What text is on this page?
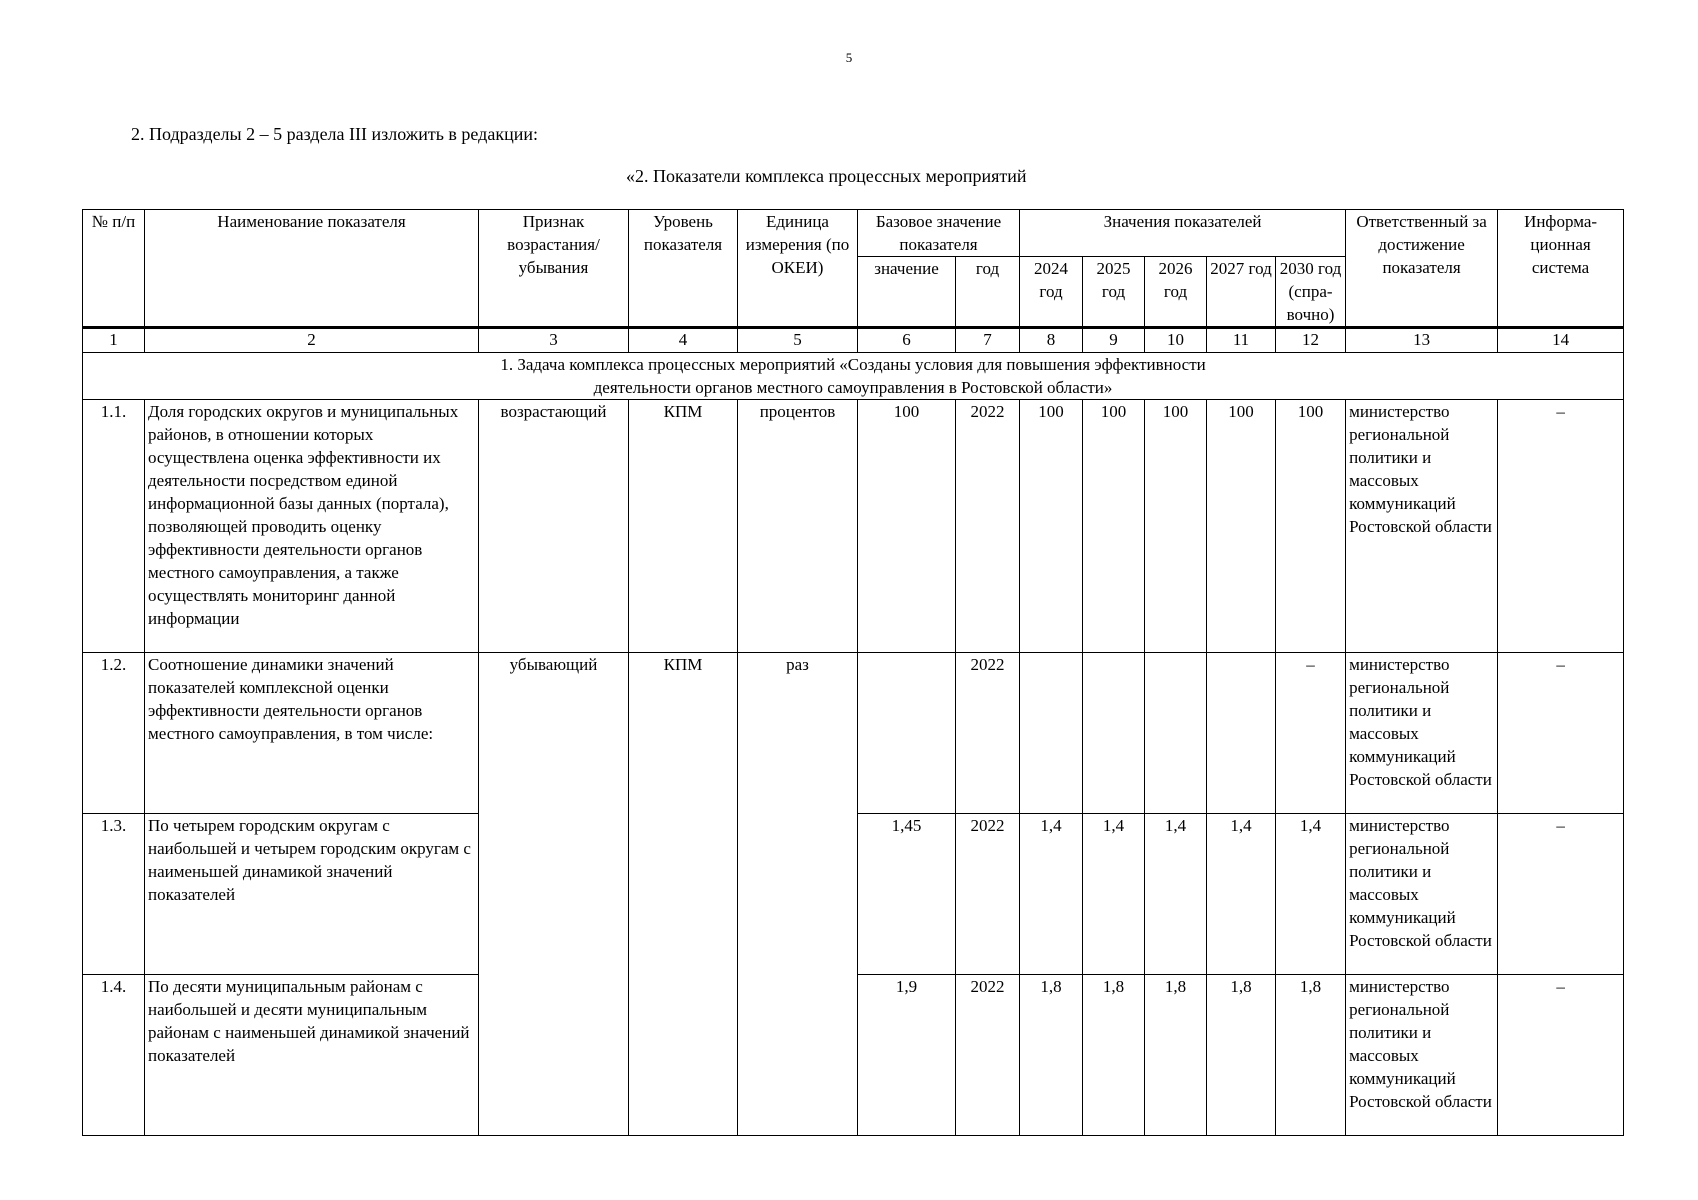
5
2. Подразделы 2 – 5 раздела III изложить в редакции:
«2. Показатели комплекса процессных мероприятий
№ п/п	Наименование показателя	Признак возрастания/ убывания	Уровень показателя	Единица измерения (по ОКЕИ)	Базовое значение показателя		Значения показателей					Ответственный за достижение показателя	Информа-ционная система
					значение	год	2024 год	2025 год	2026 год	2027 год	2030 год (спра-вочно)		

1	2	3	4	5	6	7	8	9	10	11	12	13	14
1. Задача комплекса процессных мероприятий «Созданы условия для повышения эффективности деятельности органов местного самоуправления в Ростовской области»													
1.1.	Доля городских округов и муниципальных районов, в отношении которых осуществлена оценка эффективности их деятельности посредством единой информационной базы данных (портала), позволяющей проводить оценку эффективности деятельности органов местного самоуправления, а также осуществлять мониторинг данной информации	возрастающий	КПМ	процентов	100	2022	100	100	100	100	100	министерство региональной политики и массовых коммуникаций Ростовской области	–
1.2.	Соотношение динамики значений показателей комплексной оценки эффективности деятельности органов местного самоуправления, в том числе:	убывающий	КПМ	раз		2022					–	министерство региональной политики и массовых коммуникаций Ростовской области	–
1.3.	По четырем городским округам с наибольшей и четырем городским округам с наименьшей динамикой значений показателей				1,45	2022	1,4	1,4	1,4	1,4	1,4	министерство региональной политики и массовых коммуникаций Ростовской области	–
1.4.	По десяти муниципальным районам с наибольшей и десяти муниципальным районам с наименьшей динамикой значений показателей				1,9	2022	1,8	1,8	1,8	1,8	1,8	министерство региональной политики и массовых коммуникаций Ростовской области	–
